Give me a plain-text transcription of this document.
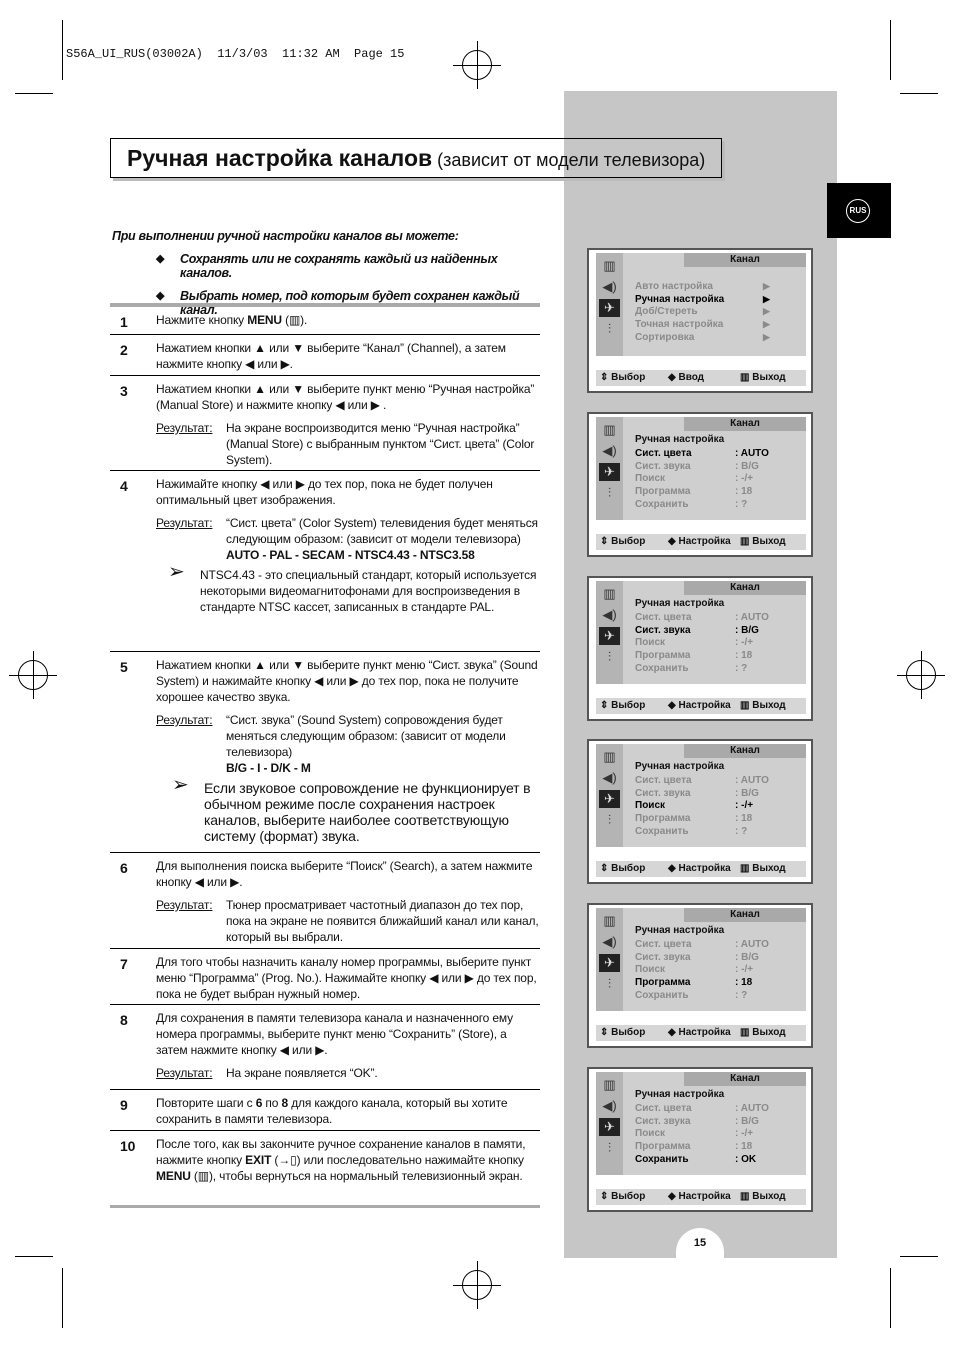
S56A_UI_RUS(03002A)  11/3/03  11:32 AM  Page 15
RUS
Ручная настройка каналов (зависит от модели телевизора)
При выполнении ручной настройки каналов вы можете:
◆ Сохранять или не сохранять каждый из найденных каналов.
◆ Выбрать номер, под которым будет сохранен каждый канал.
1 Нажмите кнопку MENU (▥).
2 Нажатием кнопки ▲ или ▼ выберите “Канал” (Channel), а затем нажмите кнопку ◀ или ▶.
3 Нажатием кнопки ▲ или ▼ выберите пункт меню “Ручная настройка” (Manual Store) и нажмите кнопку ◀ или ▶ .
Результат: На экране воспроизводится меню “Ручная настройка” (Manual Store) с выбранным пунктом “Сист. цвета” (Color System).
4 Нажимайте кнопку ◀ или ▶ до тех пор, пока не будет получен оптимальный цвет изображения.
Результат: “Сист. цвета” (Color System) телевидения будет меняться следующим образом: (зависит от модели телевизора)
AUTO - PAL - SECAM - NTSC4.43 - NTSC3.58
➢ NTSC4.43 - это специальный стандарт, который используется некоторыми видеомагнитофонами для воспроизведения в стандарте NTSC кассет, записанных в стандарте PAL.
5 Нажатием кнопки ▲ или ▼ выберите пункт меню “Сист. звука” (Sound System) и нажимайте кнопку ◀ или ▶ до тех пор, пока не получите хорошее качество звука.
Результат: “Сист. звука” (Sound System) сопровождения будет меняться следующим образом: (зависит от модели телевизора)
B/G - I - D/K - M
➢ Если звуковое сопровождение не функционирует в обычном режиме после сохранения настроек каналов, выберите наиболее соответствующую систему (формат) звука.
6 Для выполнения поиска выберите “Поиск” (Search), а затем нажмите кнопку ◀ или ▶.
Результат: Тюнер просматривает частотный диапазон до тех пор, пока на экране не появится ближайший канал или канал, который вы выбрали.
7 Для того чтобы назначить каналу номер программы, выберите пункт меню “Программа” (Prog. No.). Нажимайте кнопку ◀ или ▶ до тех пор, пока не будет выбран нужный номер.
8 Для сохранения в памяти телевизора канала и назначенного ему номера программы, выберите пункт меню “Сохранить” (Store), а затем нажмите кнопку ◀ или ▶.
Результат: На экране появляется “OK”.
9 Повторите шаги с 6 по 8 для каждого канала, который вы хотите сохранить в памяти телевизора.
10 После того, как вы закончите ручное сохранение каналов в памяти, нажмите кнопку EXIT (→▯) или последовательно нажимайте кнопку MENU (▥), чтобы вернуться на нормальный телевизионный экран.
▥
◀)
✈
⫶
Канал
Авто настройка	▶
Ручная настройка	▶
Доб/Стереть	▶
Точная настройка	▶
Сортировка	▶
⇕ Выбор ◆ Ввод	▥ Выход
▥
◀)
✈
⫶
Канал
Ручная настройка
Сист. цвета	: AUTO
Сист. звука	: B/G
Поиск	: -/+
Программа	: 18
Сохранить	: ?
⇕ Выбор ◆ Настройка ▥ Выход
▥
◀)
✈
⫶
Канал
Ручная настройка
Сист. цвета	: AUTO
Сист. звука	: B/G
Поиск	: -/+
Программа	: 18
Сохранить	: ?
⇕ Выбор ◆ Настройка ▥ Выход
▥
◀)
✈
⫶
Канал
Ручная настройка
Сист. цвета	: AUTO
Сист. звука	: B/G
Поиск	: -/+
Программа	: 18
Сохранить	: ?
⇕ Выбор ◆ Настройка ▥ Выход
▥
◀)
✈
⫶
Канал
Ручная настройка
Сист. цвета	: AUTO
Сист. звука	: B/G
Поиск	: -/+
Программа	: 18
Сохранить	: ?
⇕ Выбор ◆ Настройка ▥ Выход
▥
◀)
✈
⫶
Канал
Ручная настройка
Сист. цвета	: AUTO
Сист. звука	: B/G
Поиск	: -/+
Программа	: 18
Сохранить	: OK
⇕ Выбор ◆ Настройка ▥ Выход
15
